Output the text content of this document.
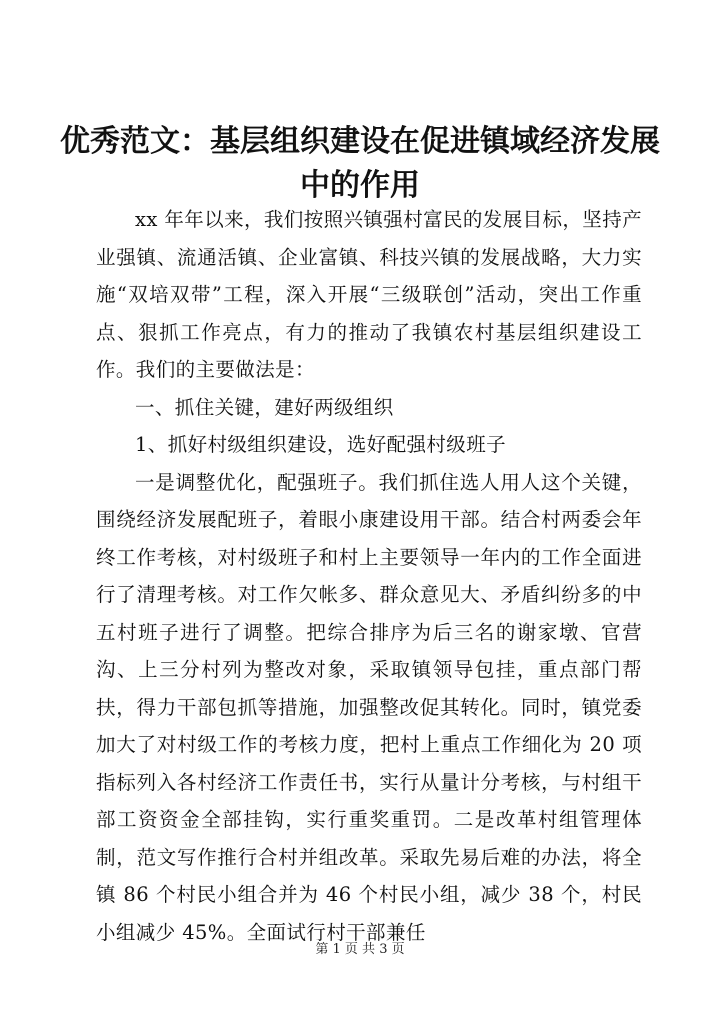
优秀范文：基层组织建设在促进镇域经济发展中的作用

xx 年年以来，我们按照兴镇强村富民的发展目标，坚持产业强镇、流通活镇、企业富镇、科技兴镇的发展战略，大力实施“双培双带”工程，深入开展“三级联创”活动，突出工作重点、狠抓工作亮点，有力的推动了我镇农村基层组织建设工作。我们的主要做法是：

一、抓住关键，建好两级组织

1、抓好村级组织建设，选好配强村级班子

一是调整优化，配强班子。我们抓住选人用人这个关键，围绕经济发展配班子，着眼小康建设用干部。结合村两委会年终工作考核，对村级班子和村上主要领导一年内的工作全面进行了清理考核。对工作欠帐多、群众意见大、矛盾纠纷多的中五村班子进行了调整。把综合排序为后三名的谢家墩、官营沟、上三分村列为整改对象，采取镇领导包挂，重点部门帮扶，得力干部包抓等措施，加强整改促其转化。同时，镇党委加大了对村级工作的考核力度，把村上重点工作细化为 20 项指标列入各村经济工作责任书，实行从量计分考核，与村组干部工资资金全部挂钩，实行重奖重罚。二是改革村组管理体制，范文写作推行合村并组改革。采取先易后难的办法，将全镇 86 个村民小组合并为 46 个村民小组，减少 38 个，村民小组减少 45%。全面试行村干部兼任

第 1 页 共 3 页
